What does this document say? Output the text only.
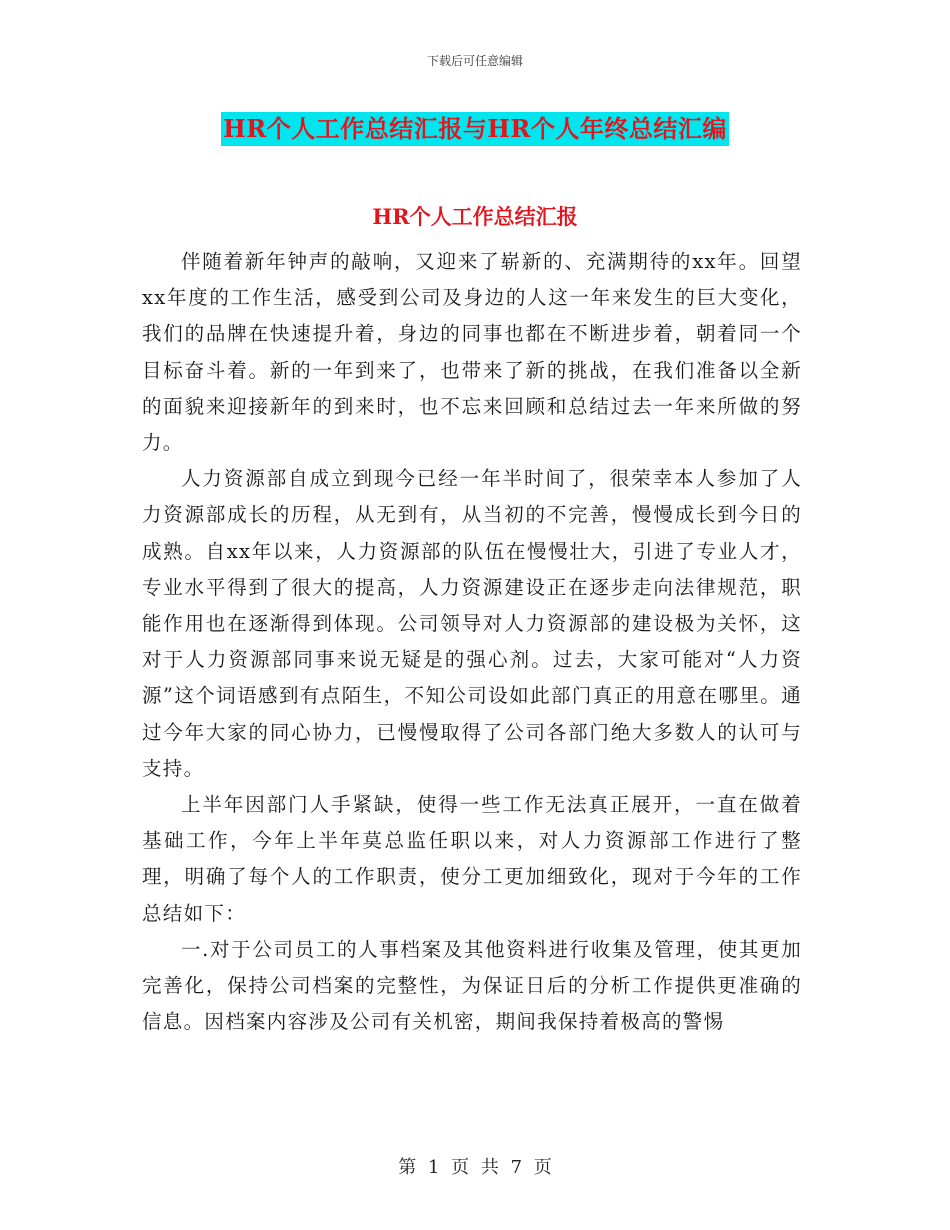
下载后可任意编辑
HR个人工作总结汇报与HR个人年终总结汇编
HR个人工作总结汇报

伴随着新年钟声的敲响，又迎来了崭新的、充满期待的xx年。回望xx年度的工作生活，感受到公司及身边的人这一年来发生的巨大变化，我们的品牌在快速提升着，身边的同事也都在不断进步着，朝着同一个目标奋斗着。新的一年到来了，也带来了新的挑战，在我们准备以全新的面貌来迎接新年的到来时，也不忘来回顾和总结过去一年来所做的努力。

人力资源部自成立到现今已经一年半时间了，很荣幸本人参加了人力资源部成长的历程，从无到有，从当初的不完善，慢慢成长到今日的成熟。自xx年以来，人力资源部的队伍在慢慢壮大，引进了专业人才，专业水平得到了很大的提高，人力资源建设正在逐步走向法律规范，职能作用也在逐渐得到体现。公司领导对人力资源部的建设极为关怀，这对于人力资源部同事来说无疑是的强心剂。过去，大家可能对“人力资源”这个词语感到有点陌生，不知公司设如此部门真正的用意在哪里。通过今年大家的同心协力，已慢慢取得了公司各部门绝大多数人的认可与支持。

上半年因部门人手紧缺，使得一些工作无法真正展开，一直在做着基础工作，今年上半年莫总监任职以来，对人力资源部工作进行了整理，明确了每个人的工作职责，使分工更加细致化，现对于今年的工作总结如下：

一.对于公司员工的人事档案及其他资料进行收集及管理，使其更加完善化，保持公司档案的完整性，为保证日后的分析工作提供更准确的信息。因档案内容涉及公司有关机密，期间我保持着极高的警惕

第 1 页 共 7 页
